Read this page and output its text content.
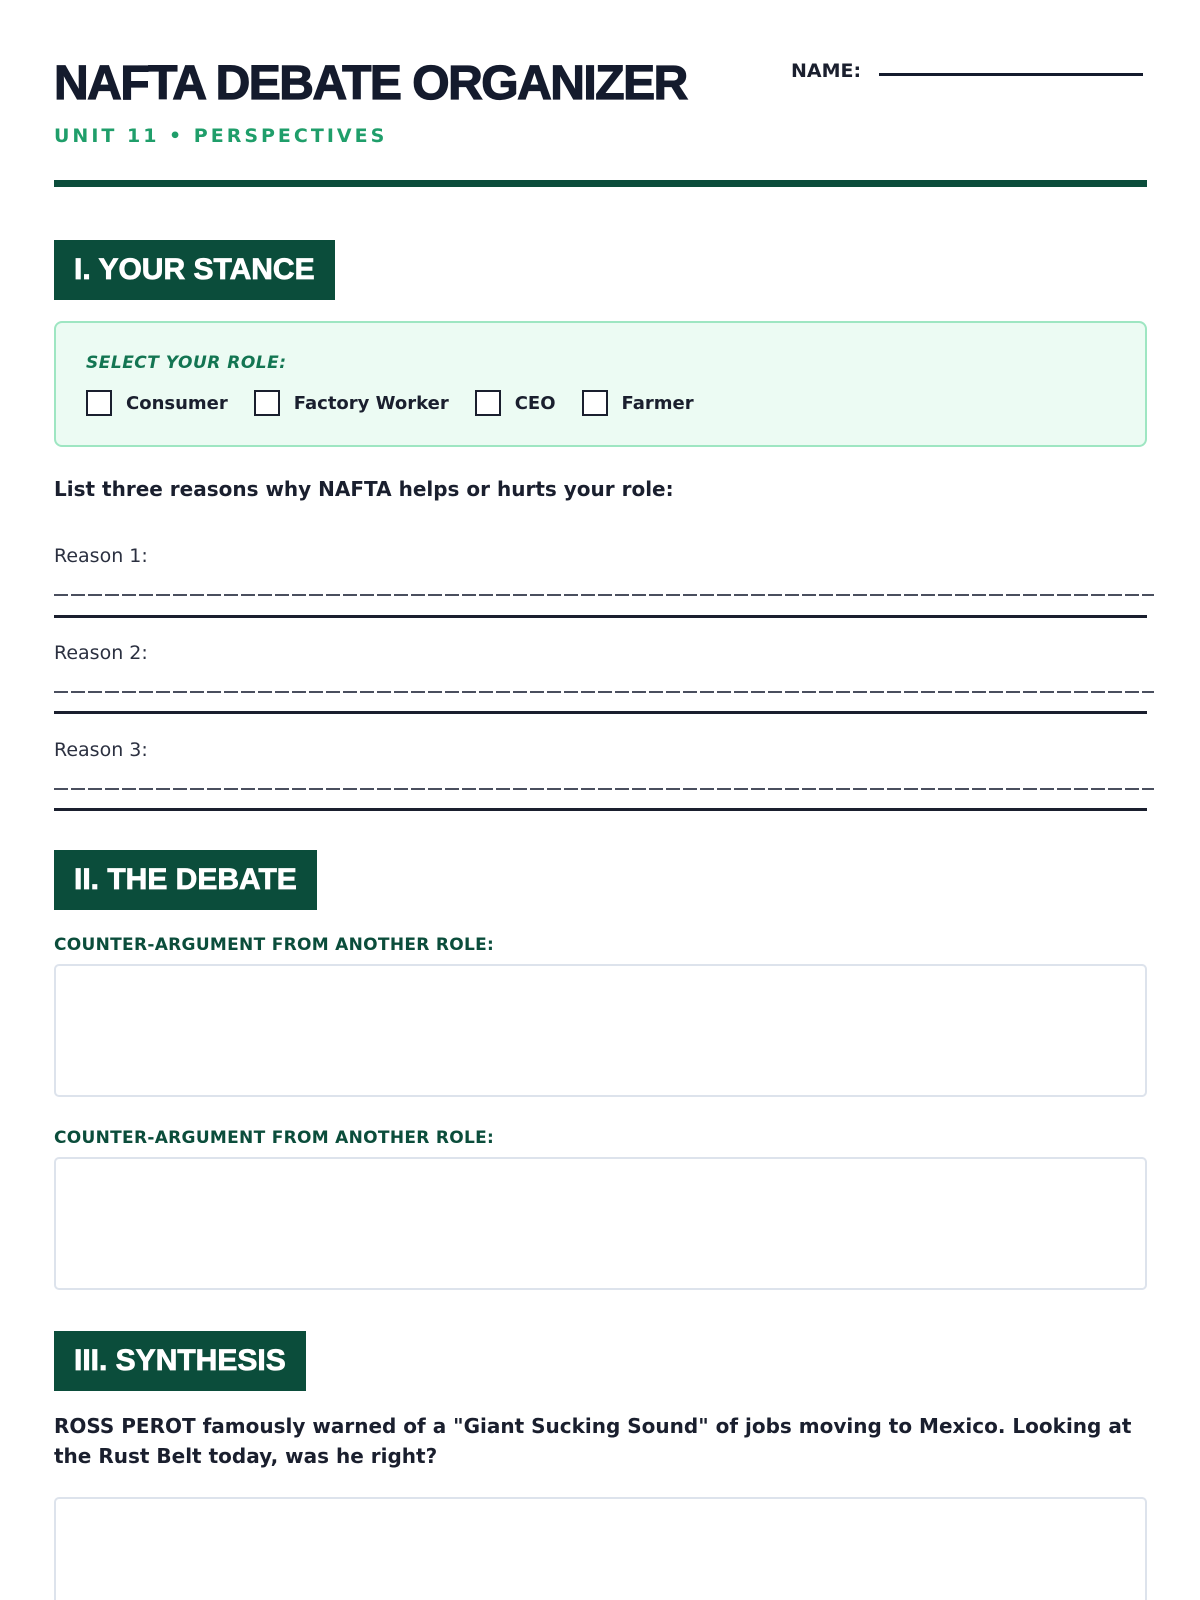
NAFTA DEBATE ORGANIZER	NAME:
UNIT 11 • PERSPECTIVES
I. YOUR STANCE
SELECT YOUR ROLE:
Consumer	Factory Worker	CEO	Farmer
List three reasons why NAFTA helps or hurts your role:
Reason 1:
Reason 2:
Reason 3:
II. THE DEBATE
COUNTER-ARGUMENT FROM ANOTHER ROLE:
COUNTER-ARGUMENT FROM ANOTHER ROLE:
III. SYNTHESIS
ROSS PEROT famously warned of a "Giant Sucking Sound" of jobs moving to Mexico. Looking at the Rust Belt today, was he right?
